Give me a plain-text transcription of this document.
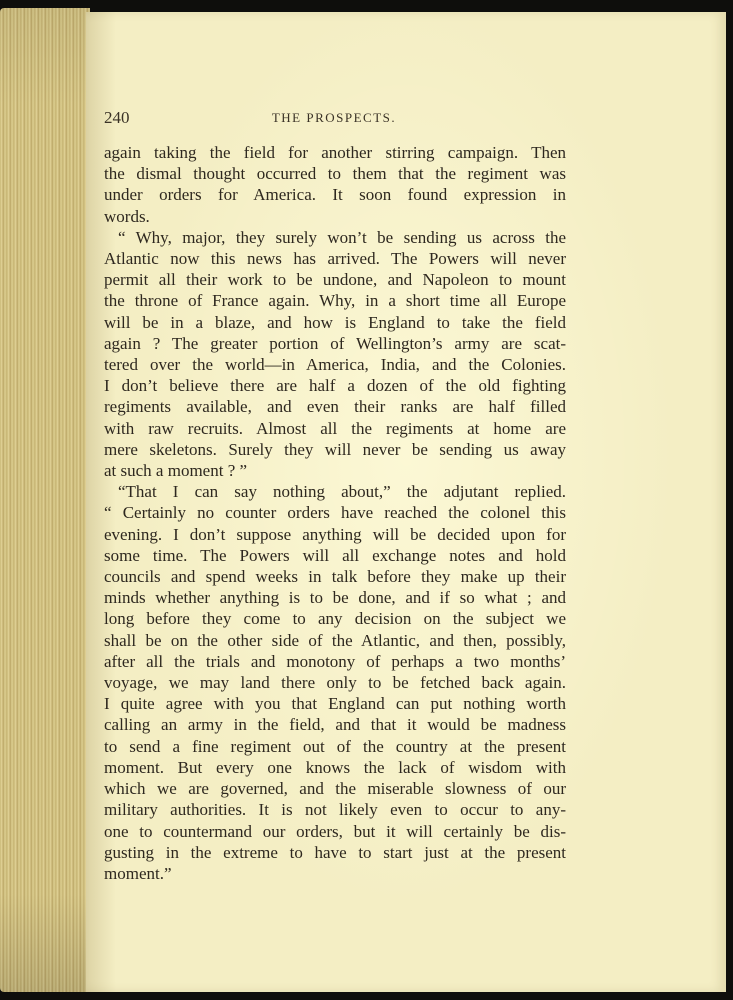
240	THE PROSPECTS.
again taking the field for another stirring campaign. Then
the dismal thought occurred to them that the regiment was
under orders for America. It soon found expression in
words.
“ Why, major, they surely won’t be sending us across the
Atlantic now this news has arrived. The Powers will never
permit all their work to be undone, and Napoleon to mount
the throne of France again. Why, in a short time all Europe
will be in a blaze, and how is England to take the field
again ? The greater portion of Wellington’s army are scat-
tered over the world—in America, India, and the Colonies.
I don’t believe there are half a dozen of the old fighting
regiments available, and even their ranks are half filled
with raw recruits. Almost all the regiments at home are
mere skeletons. Surely they will never be sending us away
at such a moment ? ”
“That I can say nothing about,” the adjutant replied.
“ Certainly no counter orders have reached the colonel this
evening. I don’t suppose anything will be decided upon for
some time. The Powers will all exchange notes and hold
councils and spend weeks in talk before they make up their
minds whether anything is to be done, and if so what ; and
long before they come to any decision on the subject we
shall be on the other side of the Atlantic, and then, possibly,
after all the trials and monotony of perhaps a two months’
voyage, we may land there only to be fetched back again.
I quite agree with you that England can put nothing worth
calling an army in the field, and that it would be madness
to send a fine regiment out of the country at the present
moment. But every one knows the lack of wisdom with
which we are governed, and the miserable slowness of our
military authorities. It is not likely even to occur to any-
one to countermand our orders, but it will certainly be dis-
gusting in the extreme to have to start just at the present
moment.”
